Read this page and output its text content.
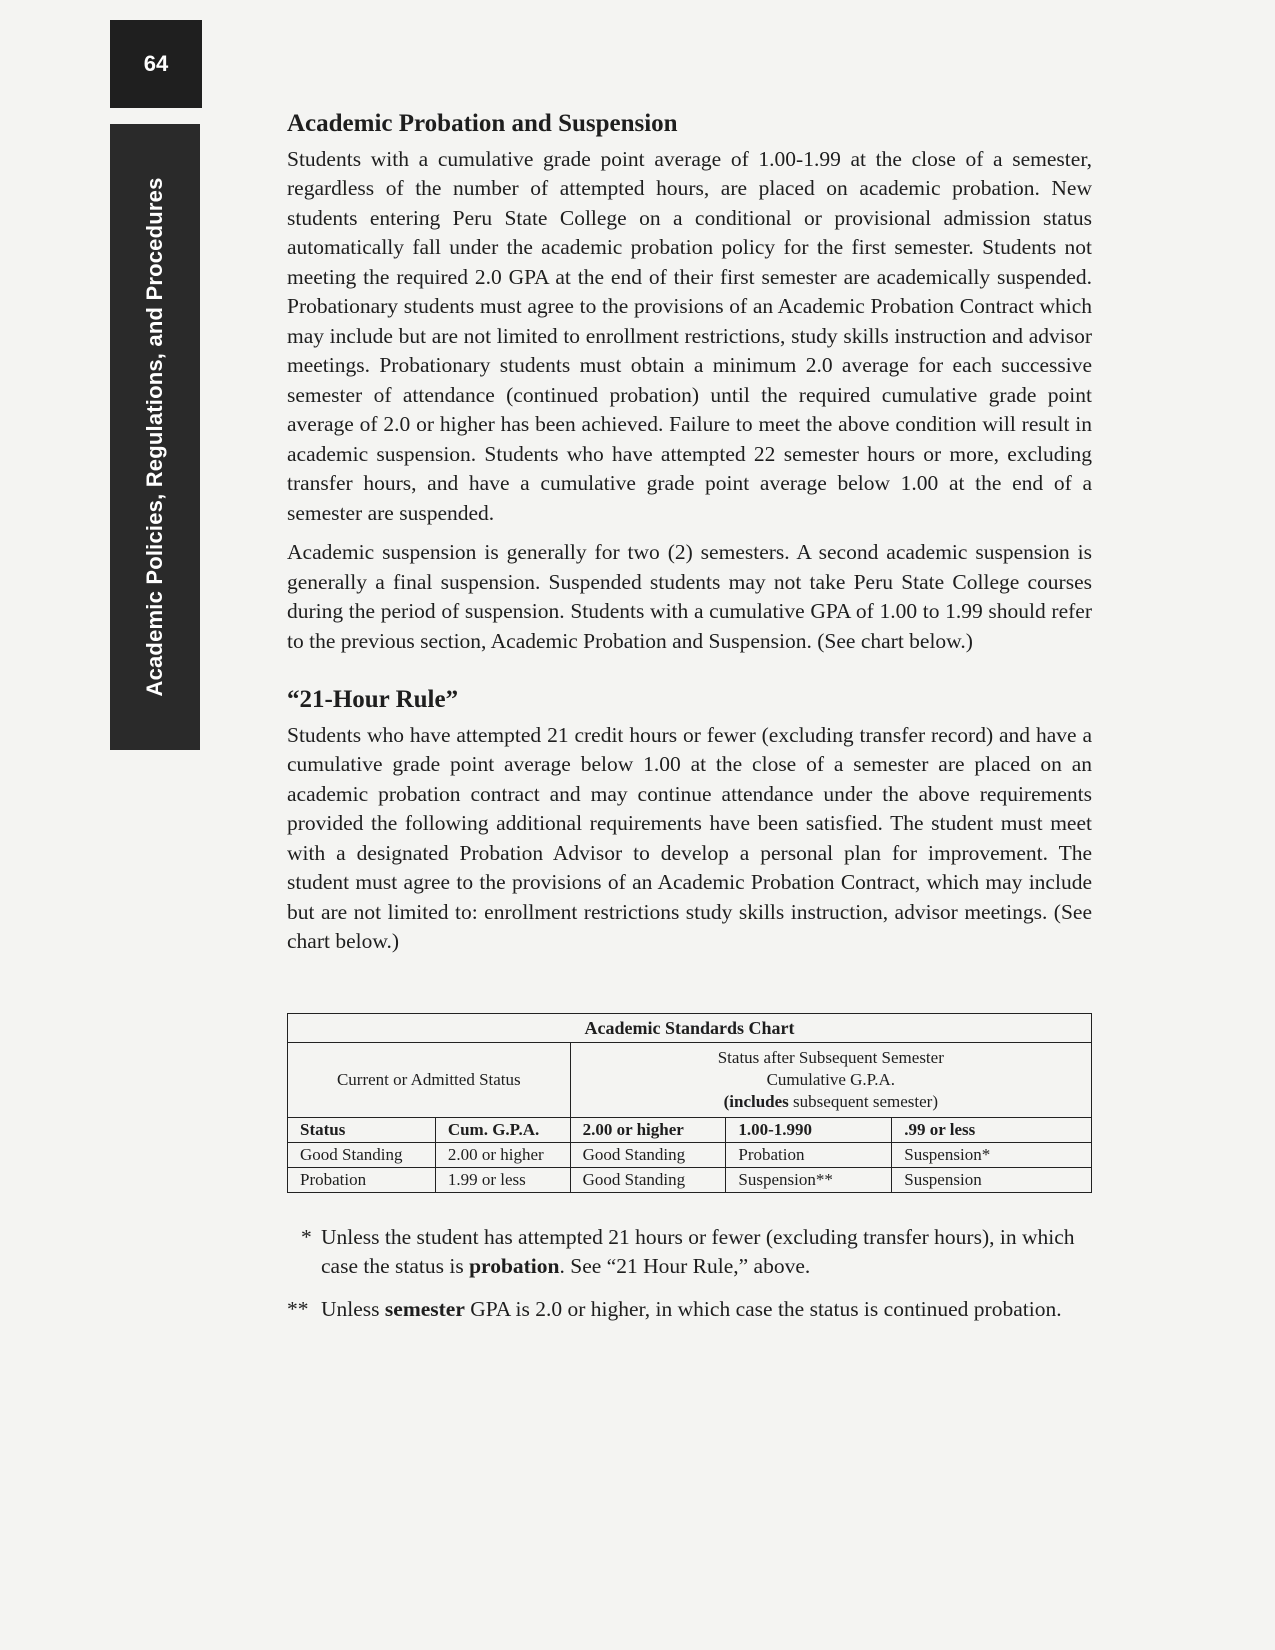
64
Academic Policies, Regulations, and Procedures
Academic Probation and Suspension

Students with a cumulative grade point average of 1.00-1.99 at the close of a semester, regardless of the number of attempted hours, are placed on academic probation. New students entering Peru State College on a conditional or provisional admission status automatically fall under the academic probation policy for the first semester. Students not meeting the required 2.0 GPA at the end of their first semester are academically suspended. Probationary students must agree to the provisions of an Academic Probation Contract which may include but are not limited to enrollment restrictions, study skills instruction and advisor meetings. Probationary students must obtain a minimum 2.0 average for each successive semester of attendance (continued probation) until the required cumulative grade point average of 2.0 or higher has been achieved. Failure to meet the above condition will result in academic suspension. Students who have attempted 22 semester hours or more, excluding transfer hours, and have a cumulative grade point average below 1.00 at the end of a semester are suspended.

Academic suspension is generally for two (2) semesters. A second academic suspension is generally a final suspension. Suspended students may not take Peru State College courses during the period of suspension. Students with a cumulative GPA of 1.00 to 1.99 should refer to the previous section, Academic Probation and Suspension. (See chart below.)

“21-Hour Rule”

Students who have attempted 21 credit hours or fewer (excluding transfer record) and have a cumulative grade point average below 1.00 at the close of a semester are placed on an academic probation contract and may continue attendance under the above requirements provided the following additional requirements have been satisfied. The student must meet with a designated Probation Advisor to develop a personal plan for improvement. The student must agree to the provisions of an Academic Probation Contract, which may include but are not limited to: enrollment restrictions study skills instruction, advisor meetings. (See chart below.)

Academic Standards Chart				
Current or Admitted Status		Status after Subsequent Semester
Cumulative G.P.A.
(includes subsequent semester)		

Status	Cum. G.P.A.	2.00 or higher	1.00-1.990	.99 or less
Good Standing	2.00 or higher	Good Standing	Probation	Suspension*
Probation	1.99 or less	Good Standing	Suspension**	Suspension
* Unless the student has attempted 21 hours or fewer (excluding transfer hours), in which case the status is probation. See “21 Hour Rule,” above.
** Unless semester GPA is 2.0 or higher, in which case the status is continued probation.
